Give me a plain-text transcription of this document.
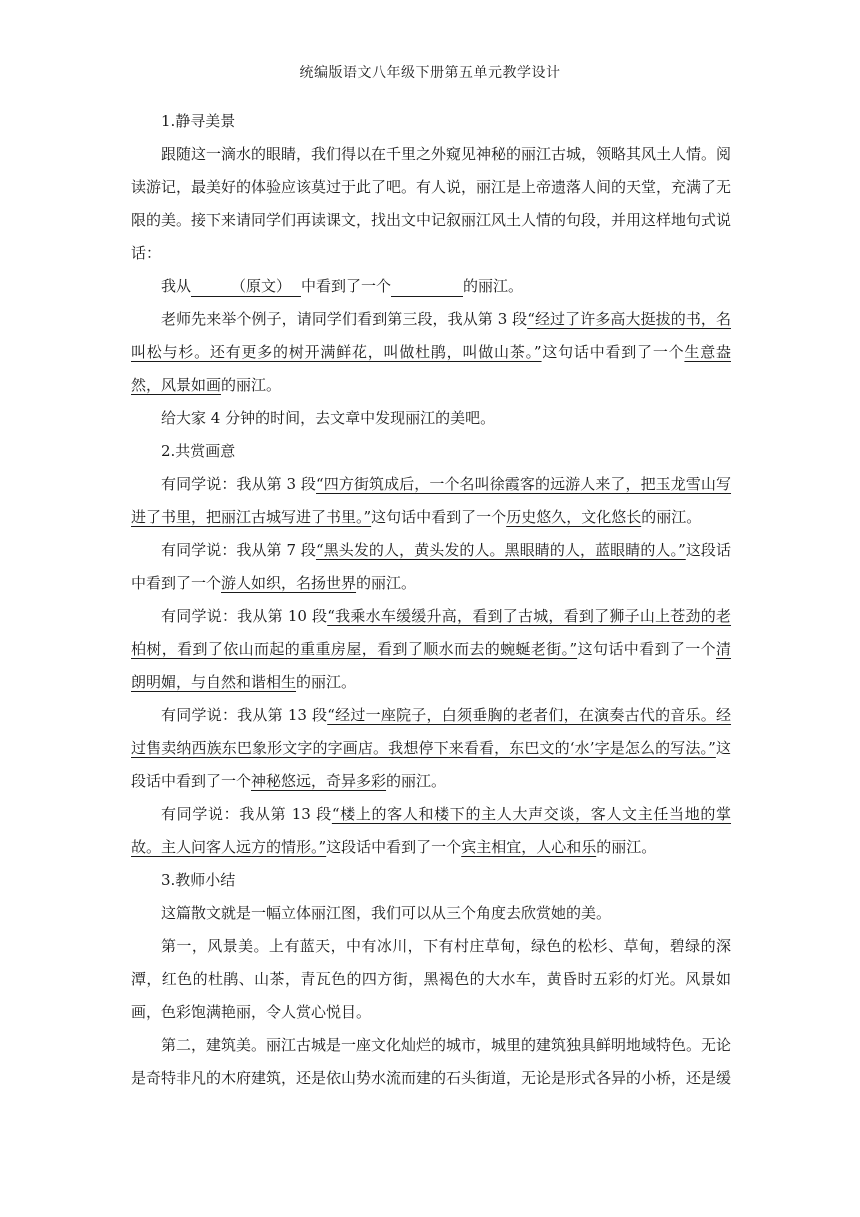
统编版语文八年级下册第五单元教学设计

1.静寻美景

跟随这一滴水的眼睛，我们得以在千里之外窥见神秘的丽江古城，领略其风土人情。阅读游记，最美好的体验应该莫过于此了吧。有人说，丽江是上帝遗落人间的天堂，充满了无限的美。接下来请同学们再读课文，找出文中记叙丽江风土人情的句段，并用这样地句式说话：

我从	（原文） 中看到了一个	的丽江。

老师先来举个例子，请同学们看到第三段，我从第 3 段“经过了许多高大挺拔的书，名叫松与杉。还有更多的树开满鲜花，叫做杜鹃，叫做山茶。”这句话中看到了一个生意盎然，风景如画的丽江。

给大家 4 分钟的时间，去文章中发现丽江的美吧。

2.共赏画意

有同学说：我从第 3 段“四方街筑成后，一个名叫徐霞客的远游人来了，把玉龙雪山写进了书里，把丽江古城写进了书里。”这句话中看到了一个历史悠久，文化悠长的丽江。

有同学说：我从第 7 段“黑头发的人，黄头发的人。黑眼睛的人，蓝眼睛的人。”这段话中看到了一个游人如织，名扬世界的丽江。

有同学说：我从第 10 段“我乘水车缓缓升高，看到了古城，看到了狮子山上苍劲的老柏树，看到了依山而起的重重房屋，看到了顺水而去的蜿蜒老街。”这句话中看到了一个清朗明媚，与自然和谐相生的丽江。

有同学说：我从第 13 段“经过一座院子，白须垂胸的老者们，在演奏古代的音乐。经过售卖纳西族东巴象形文字的字画店。我想停下来看看，东巴文的‘水’字是怎么的写法。”这段话中看到了一个神秘悠远，奇异多彩的丽江。

有同学说：我从第 13 段“楼上的客人和楼下的主人大声交谈，客人文主任当地的掌故。主人问客人远方的情形。”这段话中看到了一个宾主相宜，人心和乐的丽江。

3.教师小结

这篇散文就是一幅立体丽江图，我们可以从三个角度去欣赏她的美。

第一，风景美。上有蓝天，中有冰川，下有村庄草甸，绿色的松杉、草甸，碧绿的深潭，红色的杜鹃、山茶，青瓦色的四方街，黑褐色的大水车，黄昏时五彩的灯光。风景如画，色彩饱满艳丽，令人赏心悦目。

第二，建筑美。丽江古城是一座文化灿烂的城市，城里的建筑独具鲜明地域特色。无论是奇特非凡的木府建筑，还是依山势水流而建的石头街道，无论是形式各异的小桥，还是缓
